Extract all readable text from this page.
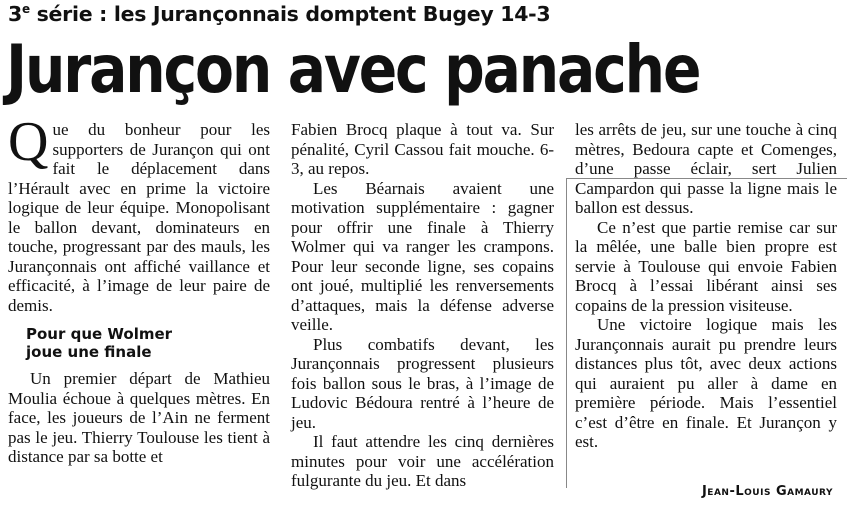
3e série : les Jurançonnais domptent Bugey 14-3
Jurançon avec panache

Que du bonheur pour les supporters de Jurançon qui ont fait le déplacement dans l’Hérault avec en prime la victoire logique de leur équipe. Monopolisant le ballon devant, dominateurs en touche, progressant par des mauls, les Jurançonnais ont affiché vaillance et efficacité, à l’image de leur paire de demis.

Pour que Wolmer
joue une finale

Un premier départ de Mathieu Moulia échoue à quelques mètres. En face, les joueurs de l’Ain ne ferment pas le jeu. Thierry Toulouse les tient à distance par sa botte et

Fabien Brocq plaque à tout va. Sur pénalité, Cyril Cassou fait mouche. 6-3, au repos.

Les Béarnais avaient une motivation supplémentaire : gagner pour offrir une finale à Thierry Wolmer qui va ranger les crampons. Pour leur seconde ligne, ses copains ont joué, multiplié les renversements d’attaques, mais la défense adverse veille.

Plus combatifs devant, les Jurançonnais progressent plusieurs fois ballon sous le bras, à l’image de Ludovic Bédoura rentré à l’heure de jeu.

Il faut attendre les cinq dernières minutes pour voir une accélération fulgurante du jeu. Et dans

les arrêts de jeu, sur une touche à cinq mètres, Bedoura capte et Comenges, d’une passe éclair, sert Julien Campardon qui passe la ligne mais le ballon est dessus.

Ce n’est que partie remise car sur la mêlée, une balle bien propre est servie à Toulouse qui envoie Fabien Brocq à l’essai libérant ainsi ses copains de la pression visiteuse.

Une victoire logique mais les Jurançonnais aurait pu prendre leurs distances plus tôt, avec deux actions qui auraient pu aller à dame en première période. Mais l’essentiel c’est d’être en finale. Et Jurançon y est.

Jean-Louis Gamaury
